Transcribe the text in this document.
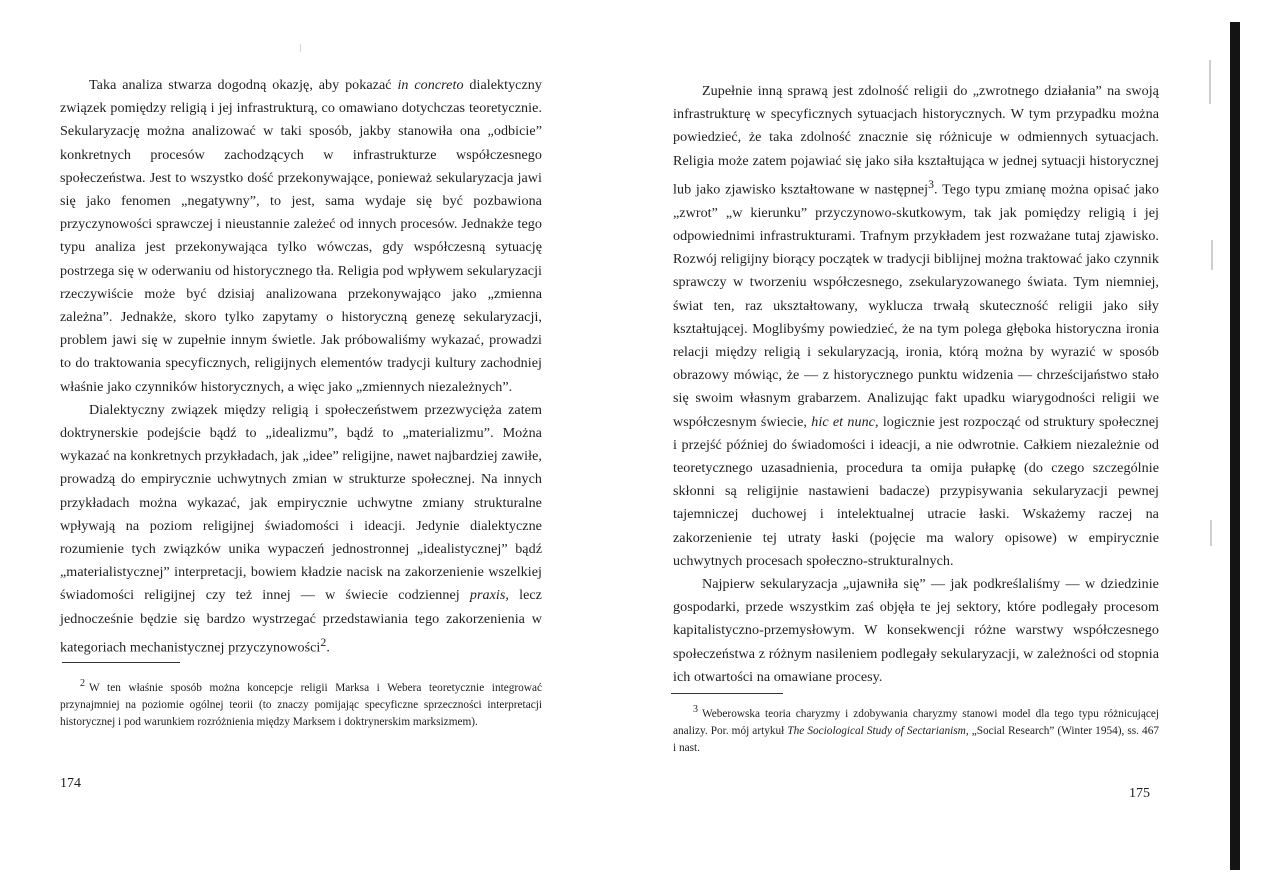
Taka analiza stwarza dogodną okazję, aby pokazać in concreto dialektyczny związek pomiędzy religią i jej infrastrukturą, co omawiano dotychczas teoretycznie. Sekularyzację można analizować w taki sposób, jakby stanowiła ona „odbicie” konkretnych procesów zachodzących w infrastrukturze współczesnego społeczeństwa. Jest to wszystko dość przekonywające, ponieważ sekularyzacja jawi się jako fenomen „negatywny”, to jest, sama wydaje się być pozbawiona przyczynowości sprawczej i nieustannie zależeć od innych procesów. Jednakże tego typu analiza jest przekonywająca tylko wówczas, gdy współczesną sytuację postrzega się w oderwaniu od historycznego tła. Religia pod wpływem sekularyzacji rzeczywiście może być dzisiaj analizowana przekonywająco jako „zmienna zależna”. Jednakże, skoro tylko zapytamy o historyczną genezę sekularyzacji, problem jawi się w zupełnie innym świetle. Jak próbowaliśmy wykazać, prowadzi to do traktowania specyficznych, religijnych elementów tradycji kultury zachodniej właśnie jako czynników historycznych, a więc jako „zmiennych niezależnych”.

Dialektyczny związek między religią i społeczeństwem przezwycięża zatem doktrynerskie podejście bądź to „idealizmu”, bądź to „materializmu”. Można wykazać na konkretnych przykładach, jak „idee” religijne, nawet najbardziej zawiłe, prowadzą do empirycznie uchwytnych zmian w strukturze społecznej. Na innych przykładach można wykazać, jak empirycznie uchwytne zmiany strukturalne wpływają na poziom religijnej świadomości i ideacji. Jedynie dialektyczne rozumienie tych związków unika wypaczeń jednostronnej „idealistycznej” bądź „materialistycznej” interpretacji, bowiem kładzie nacisk na zakorzenienie wszelkiej świadomości religijnej czy też innej — w świecie codziennej praxis, lecz jednocześnie będzie się bardzo wystrzegać przedstawiania tego zakorzenienia w kategoriach mechanistycznej przyczynowości$^2$.

2 W ten właśnie sposób można koncepcje religii Marksa i Webera teoretycznie integrować przynajmniej na poziomie ogólnej teorii (to znaczy pomijając specyficzne sprzeczności interpretacji historycznej i pod warunkiem rozróżnienia między Marksem i doktrynerskim marksizmem).

174

Zupełnie inną sprawą jest zdolność religii do „zwrotnego działania” na swoją infrastrukturę w specyficznych sytuacjach historycznych. W tym przypadku można powiedzieć, że taka zdolność znacznie się różnicuje w odmiennych sytuacjach. Religia może zatem pojawiać się jako siła kształtująca w jednej sytuacji historycznej lub jako zjawisko kształtowane w następnej$^3$. Tego typu zmianę można opisać jako „zwrot” „w kierunku” przyczynowo-skutkowym, tak jak pomiędzy religią i jej odpowiednimi infrastrukturami. Trafnym przykładem jest rozważane tutaj zjawisko. Rozwój religijny biorący początek w tradycji biblijnej można traktować jako czynnik sprawczy w tworzeniu współczesnego, zsekularyzowanego świata. Tym niemniej, świat ten, raz ukształtowany, wyklucza trwałą skuteczność religii jako siły kształtującej. Moglibyśmy powiedzieć, że na tym polega głęboka historyczna ironia relacji między religią i sekularyzacją, ironia, którą można by wyrazić w sposób obrazowy mówiąc, że — z historycznego punktu widzenia — chrześcijaństwo stało się swoim własnym grabarzem. Analizując fakt upadku wiarygodności religii we współczesnym świecie, hic et nunc, logicznie jest rozpocząć od struktury społecznej i przejść później do świadomości i ideacji, a nie odwrotnie. Całkiem niezależnie od teoretycznego uzasadnienia, procedura ta omija pułapkę (do czego szczególnie skłonni są religijnie nastawieni badacze) przypisywania sekularyzacji pewnej tajemniczej duchowej i intelektualnej utracie łaski. Wskażemy raczej na zakorzenienie tej utraty łaski (pojęcie ma walory opisowe) w empirycznie uchwytnych procesach społeczno-strukturalnych.

Najpierw sekularyzacja „ujawniła się” — jak podkreślaliśmy — w dziedzinie gospodarki, przede wszystkim zaś objęła te jej sektory, które podlegały procesom kapitalistyczno-przemysłowym. W konsekwencji różne warstwy współczesnego społeczeństwa z różnym nasileniem podlegały sekularyzacji, w zależności od stopnia ich otwartości na omawiane procesy.

3 Weberowska teoria charyzmy i zdobywania charyzmy stanowi model dla tego typu różnicującej analizy. Por. mój artykuł The Sociological Study of Sectarianism, „Social Research” (Winter 1954), ss. 467 i nast.

175
